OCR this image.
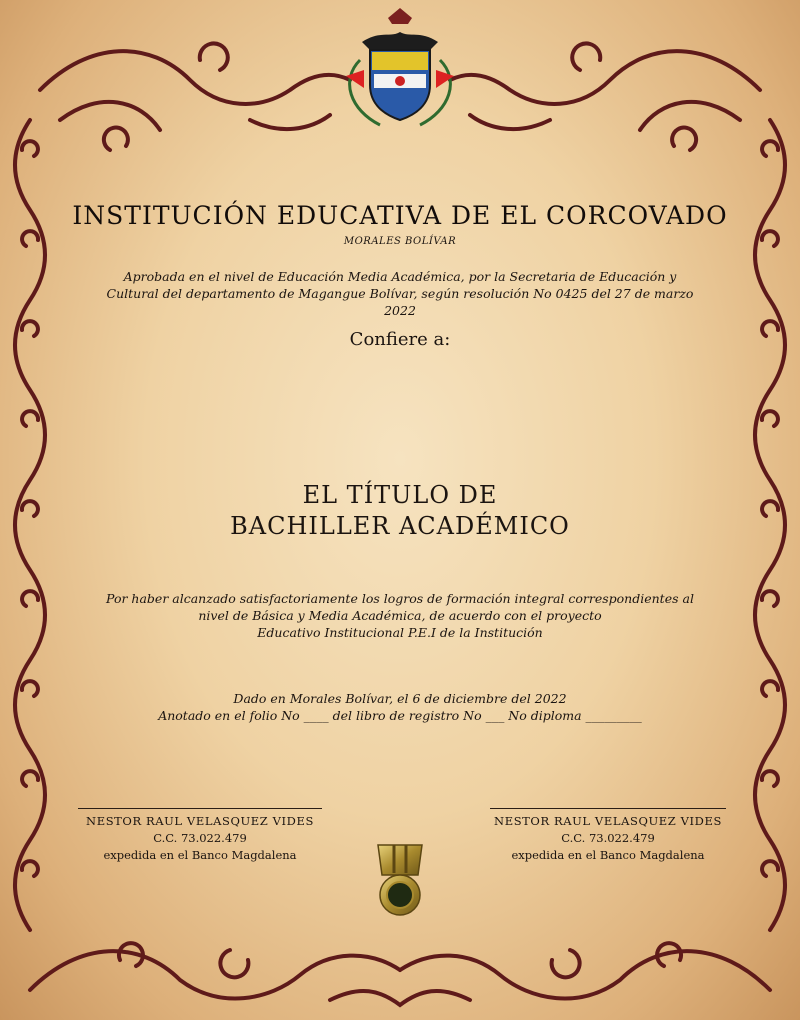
INSTITUCIÓN EDUCATIVA DE EL CORCOVADO
MORALES BOLÍVAR
Aprobada en el nivel de Educación Media Académica, por la Secretaria de Educación y
Cultural del departamento de Magangue Bolívar, según resolución No 0425 del 27 de marzo 2022
Confiere a:
EL TÍTULO DE
BACHILLER ACADÉMICO
Por haber alcanzado satisfactoriamente los logros de formación integral correspondientes al
nivel de Básica y Media Académica, de acuerdo con el proyecto
Educativo Institucional P.E.I de la Institución
Dado en Morales Bolívar, el 6 de diciembre del 2022
Anotado en el folio No ____ del libro de registro No ___ No diploma _________
NESTOR RAUL VELASQUEZ VIDES
C.C. 73.022.479
expedida en el Banco Magdalena
NESTOR RAUL VELASQUEZ VIDES
C.C. 73.022.479
expedida en el Banco Magdalena
